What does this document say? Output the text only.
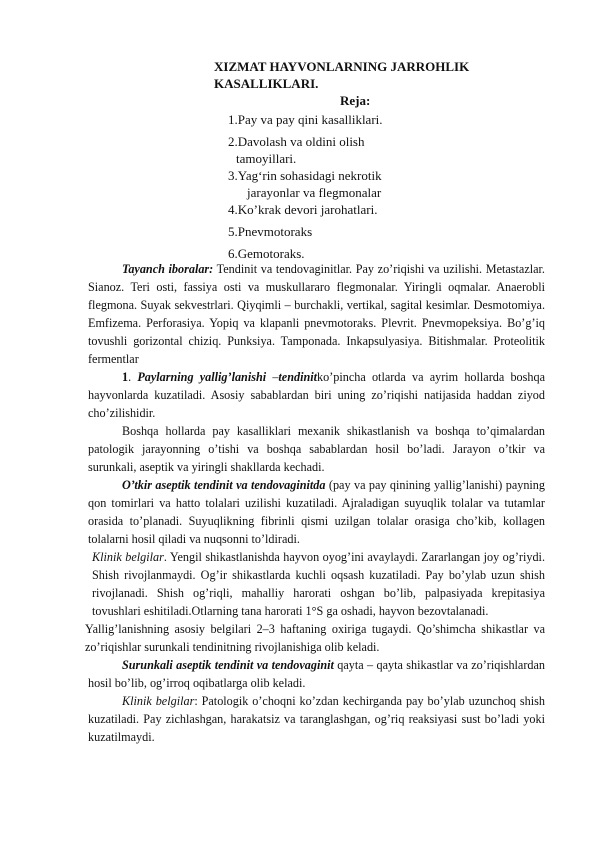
XIZMAT HAYVONLARNING JARROHLIK KASALLIKLARI.
Reja:
1.Pay va pay qini kasalliklari.
2.Davolash va oldini olish
tamoyillari.
3.Yag‘rin sohasidagi nekrotik
jarayonlar va flegmonalar
4.Ko’krak devori jarohatlari.
5.Pnevmotoraks
6.Gemotoraks.

Tayanch iboralar: Tendinit va tendovaginitlar. Pay zo’riqishi va uzilishi. Metastazlar. Sianoz. Teri osti, fassiya osti va muskullararo flegmonalar. Yiringli oqmalar. Anaerobli flegmona. Suyak sekvestrlari. Qiyqimli – burchakli, vertikal, sagital kesimlar. Desmotomiya. Emfizema. Perforasiya. Yopiq va klapanli pnevmotoraks. Plevrit. Pnevmopeksiya. Bo’g’iq tovushli gorizontal chiziq. Punksiya. Tamponada. Inkapsulyasiya. Bitishmalar. Proteolitik fermentlar

1. Paylarning yallig’lanishi –tendinitko’pincha otlarda va ayrim hollarda boshqa hayvonlarda kuzatiladi. Asosiy sabablardan biri uning zo’riqishi natijasida haddan ziyod cho’zilishidir.

Boshqa hollarda pay kasalliklari mexanik shikastlanish va boshqa to’qimalardan patologik jarayonning o’tishi va boshqa sabablardan hosil bo’ladi. Jarayon o’tkir va surunkali, aseptik va yiringli shakllarda kechadi.

O’tkir aseptik tendinit va tendovaginitda (pay va pay qinining yallig’lanishi) payning qon tomirlari va hatto tolalari uzilishi kuzatiladi. Ajraladigan suyuqlik tolalar va tutamlar orasida to’planadi. Suyuqlikning fibrinli qismi uzilgan tolalar orasiga cho’kib, kollagen tolalarni hosil qiladi va nuqsonni to’ldiradi.

Klinik belgilar. Yengil shikastlanishda hayvon oyog’ini avaylaydi. Zararlangan joy og’riydi. Shish rivojlanmaydi. Og’ir shikastlarda kuchli oqsash kuzatiladi. Pay bo’ylab uzun shish rivojlanadi. Shish og’riqli, mahalliy harorati oshgan bo’lib, palpasiyada krepitasiya tovushlari eshitiladi.Otlarning tana harorati 1°S ga oshadi, hayvon bezovtalanadi.

Yallig’lanishning asosiy belgilari 2–3 haftaning oxiriga tugaydi. Qo’shimcha shikastlar va zo’riqishlar surunkali tendinitning rivojlanishiga olib keladi.

Surunkali aseptik tendinit va tendovaginit qayta – qayta shikastlar va zo’riqishlardan hosil bo’lib, og’irroq oqibatlarga olib keladi.

Klinik belgilar: Patologik o’choqni ko’zdan kechirganda pay bo’ylab uzunchoq shish kuzatiladi. Pay zichlashgan, harakatsiz va taranglashgan, og’riq reaksiyasi sust bo’ladi yoki kuzatilmaydi.
